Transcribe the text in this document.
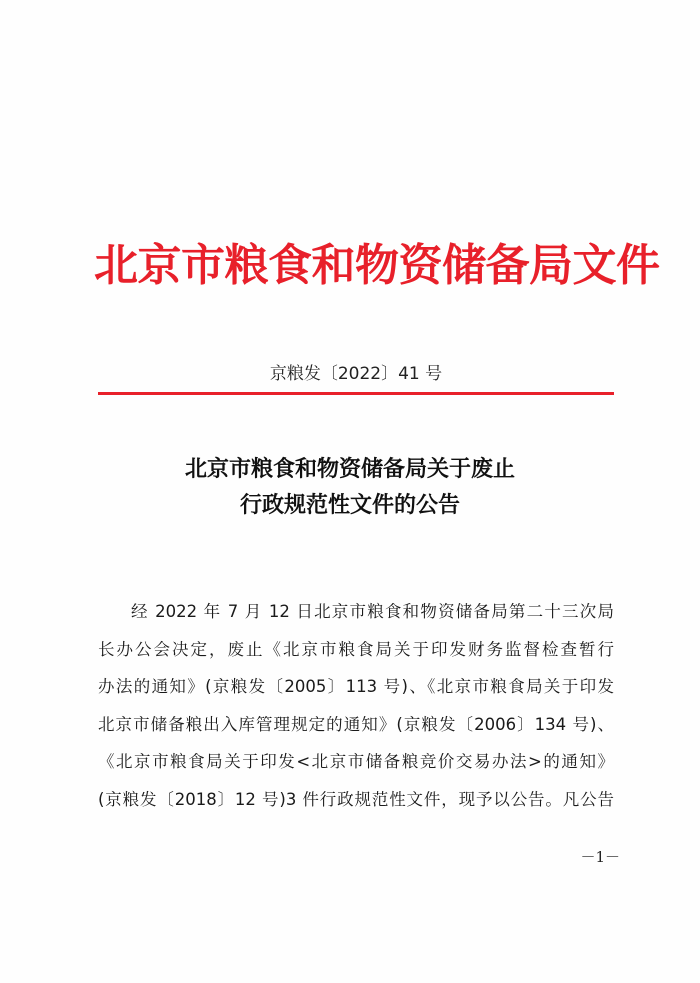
北京市粮食和物资储备局文件
京粮发〔2022〕41 号
北京市粮食和物资储备局关于废止
行政规范性文件的公告
经 2022 年 7 月 12 日北京市粮食和物资储备局第二十三次局
长办公会决定，废止《北京市粮食局关于印发财务监督检查暂行
办法的通知》(京粮发〔2005〕113 号)、《北京市粮食局关于印发
北京市储备粮出入库管理规定的通知》(京粮发〔2006〕134 号)、
《北京市粮食局关于印发<北京市储备粮竞价交易办法>的通知》
(京粮发〔2018〕12 号)3 件行政规范性文件，现予以公告。凡公告
－1－
